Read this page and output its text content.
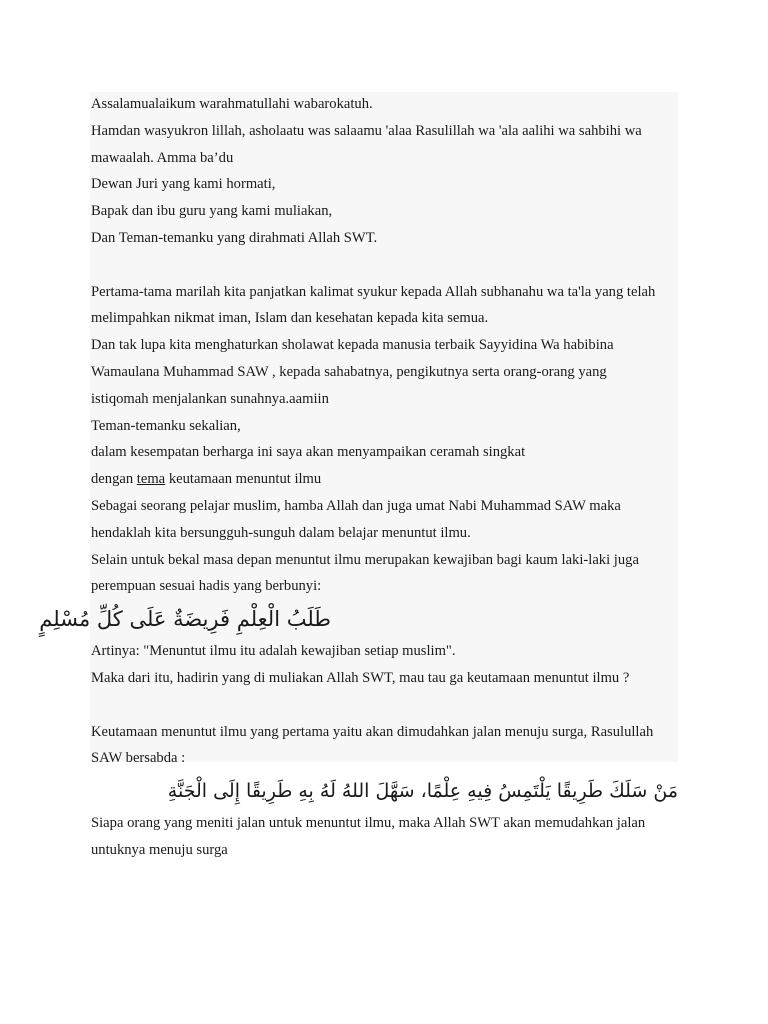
Assalamualaikum warahmatullahi wabarokatuh.
Hamdan wasyukron lillah, asholaatu was salaamu 'alaa Rasulillah wa 'ala aalihi wa sahbihi wa
mawaalah. Amma ba’du
Dewan Juri yang kami hormati,
Bapak dan ibu guru yang kami muliakan,
Dan Teman-temanku yang dirahmati Allah SWT.
Pertama-tama marilah kita panjatkan kalimat syukur kepada Allah subhanahu wa ta'la yang telah
melimpahkan nikmat iman, Islam dan kesehatan kepada kita semua.
Dan tak lupa kita menghaturkan sholawat kepada manusia terbaik Sayyidina Wa habibina
Wamaulana Muhammad SAW , kepada sahabatnya, pengikutnya serta orang-orang yang
istiqomah menjalankan sunahnya.aamiin
Teman-temanku sekalian,
dalam kesempatan berharga ini saya akan menyampaikan ceramah singkat
dengan tema keutamaan menuntut ilmu
Sebagai seorang pelajar muslim, hamba Allah dan juga umat Nabi Muhammad SAW maka
hendaklah kita bersungguh-sunguh dalam belajar menuntut ilmu.
Selain untuk bekal masa depan menuntut ilmu merupakan kewajiban bagi kaum laki-laki juga
perempuan sesuai hadis yang berbunyi:
طَلَبُ الْعِلْمِ فَرِيضَةٌ عَلَى كُلِّ مُسْلِمٍ
Artinya: "Menuntut ilmu itu adalah kewajiban setiap muslim".
Maka dari itu, hadirin yang di muliakan Allah SWT, mau tau ga keutamaan menuntut ilmu ?
Keutamaan menuntut ilmu yang pertama yaitu akan dimudahkan jalan menuju surga, Rasulullah
SAW bersabda :
مَنْ سَلَكَ طَرِيقًا يَلْتَمِسُ فِيهِ عِلْمًا، سَهَّلَ اللهُ لَهُ بِهِ طَرِيقًا إِلَى الْجَنَّةِ
Siapa orang yang meniti jalan untuk menuntut ilmu, maka Allah SWT akan memudahkan jalan
untuknya menuju surga
